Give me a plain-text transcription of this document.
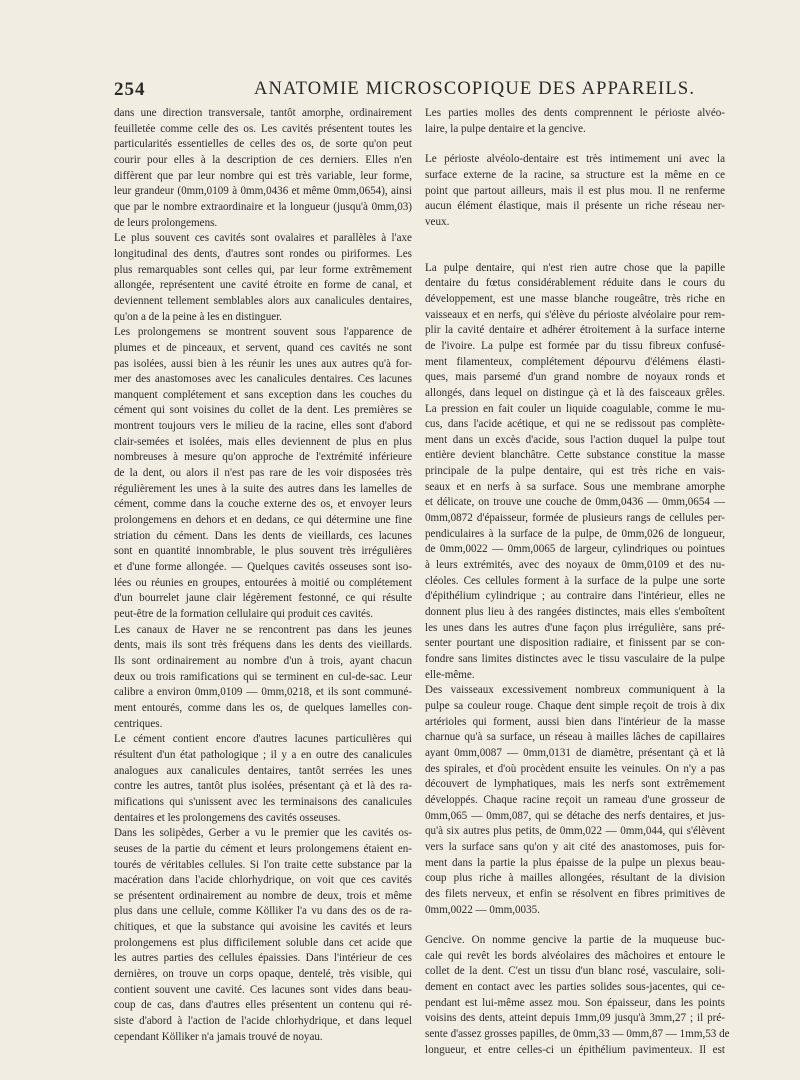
254	ANATOMIE MICROSCOPIQUE DES APPAREILS.
dans une direction transversale, tantôt amorphe, ordinairement
feuilletée comme celle des os. Les cavités présentent toutes les
particularités essentielles de celles des os, de sorte qu'on peut
courir pour elles à la description de ces derniers. Elles n'en
diffèrent que par leur nombre qui est très variable, leur forme,
leur grandeur (0mm,0109 à 0mm,0436 et même 0mm,0654), ainsi
que par le nombre extraordinaire et la longueur (jusqu'à 0mm,03)
de leurs prolongemens.
Le plus souvent ces cavités sont ovalaires et parallèles à l'axe
longitudinal des dents, d'autres sont rondes ou piriformes. Les
plus remarquables sont celles qui, par leur forme extrêmement
allongée, représentent une cavité étroite en forme de canal, et
deviennent tellement semblables alors aux canalicules dentaires,
qu'on a de la peine à les en distinguer.
Les prolongemens se montrent souvent sous l'apparence de
plumes et de pinceaux, et servent, quand ces cavités ne sont
pas isolées, aussi bien à les réunir les unes aux autres qu'à for-
mer des anastomoses avec les canalicules dentaires. Ces lacunes
manquent complétement et sans exception dans les couches du
cément qui sont voisines du collet de la dent. Les premières se
montrent toujours vers le milieu de la racine, elles sont d'abord
clair-semées et isolées, mais elles deviennent de plus en plus
nombreuses à mesure qu'on approche de l'extrémité inférieure
de la dent, ou alors il n'est pas rare de les voir disposées très
régulièrement les unes à la suite des autres dans les lamelles de
cément, comme dans la couche externe des os, et envoyer leurs
prolongemens en dehors et en dedans, ce qui détermine une fine
striation du cément. Dans les dents de vieillards, ces lacunes
sont en quantité innombrable, le plus souvent très irrégulières
et d'une forme allongée. — Quelques cavités osseuses sont iso-
lées ou réunies en groupes, entourées à moitié ou complétement
d'un bourrelet jaune clair légèrement festonné, ce qui résulte
peut-être de la formation cellulaire qui produit ces cavités.
Les canaux de Haver ne se rencontrent pas dans les jeunes
dents, mais ils sont très fréquens dans les dents des vieillards.
Ils sont ordinairement au nombre d'un à trois, ayant chacun
deux ou trois ramifications qui se terminent en cul-de-sac. Leur
calibre a environ 0mm,0109 — 0mm,0218, et ils sont communé-
ment entourés, comme dans les os, de quelques lamelles con-
centriques.
Le cément contient encore d'autres lacunes particulières qui
résultent d'un état pathologique ; il y a en outre des canalicules
analogues aux canalicules dentaires, tantôt serrées les unes
contre les autres, tantôt plus isolées, présentant çà et là des ra-
mifications qui s'unissent avec les terminaisons des canalicules
dentaires et les prolongemens des cavités osseuses.
Dans les solipèdes, Gerber a vu le premier que les cavités os-
seuses de la partie du cément et leurs prolongemens étaient en-
tourés de véritables cellules. Si l'on traite cette substance par la
macération dans l'acide chlorhydrique, on voit que ces cavités
se présentent ordinairement au nombre de deux, trois et même
plus dans une cellule, comme Kölliker l'a vu dans des os de ra-
chitiques, et que la substance qui avoisine les cavités et leurs
prolongemens est plus difficilement soluble dans cet acide que
les autres parties des cellules épaissies. Dans l'intérieur de ces
dernières, on trouve un corps opaque, dentelé, très visible, qui
contient souvent une cavité. Ces lacunes sont vides dans beau-
coup de cas, dans d'autres elles présentent un contenu qui ré-
siste d'abord à l'action de l'acide chlorhydrique, et dans lequel
cependant Kölliker n'a jamais trouvé de noyau.
Les parties molles des dents comprennent le périoste alvéo-
laire, la pulpe dentaire et la gencive.
Le périoste alvéolo-dentaire est très intimement uni avec la
surface externe de la racine, sa structure est la même en ce
point que partout ailleurs, mais il est plus mou. Il ne renferme
aucun élément élastique, mais il présente un riche réseau ner-
veux.
La pulpe dentaire, qui n'est rien autre chose que la papille
dentaire du fœtus considérablement réduite dans le cours du
développement, est une masse blanche rougeâtre, très riche en
vaisseaux et en nerfs, qui s'élève du périoste alvéolaire pour rem-
plir la cavité dentaire et adhérer étroitement à la surface interne
de l'ivoire. La pulpe est formée par du tissu fibreux confusé-
ment filamenteux, complétement dépourvu d'élémens élasti-
ques, mais parsemé d'un grand nombre de noyaux ronds et
allongés, dans lequel on distingue çà et là des faisceaux grêles.
La pression en fait couler un liquide coagulable, comme le mu-
cus, dans l'acide acétique, et qui ne se redissout pas complète-
ment dans un excès d'acide, sous l'action duquel la pulpe tout
entière devient blanchâtre. Cette substance constitue la masse
principale de la pulpe dentaire, qui est très riche en vais-
seaux et en nerfs à sa surface. Sous une membrane amorphe
et délicate, on trouve une couche de 0mm,0436 — 0mm,0654 —
0mm,0872 d'épaisseur, formée de plusieurs rangs de cellules per-
pendiculaires à la surface de la pulpe, de 0mm,026 de longueur,
de 0mm,0022 — 0mm,0065 de largeur, cylindriques ou pointues
à leurs extrémités, avec des noyaux de 0mm,0109 et des nu-
cléoles. Ces cellules forment à la surface de la pulpe une sorte
d'épithélium cylindrique ; au contraire dans l'intérieur, elles ne
donnent plus lieu à des rangées distinctes, mais elles s'emboîtent
les unes dans les autres d'une façon plus irrégulière, sans pré-
senter pourtant une disposition radiaire, et finissent par se con-
fondre sans limites distinctes avec le tissu vasculaire de la pulpe
elle-même.
Des vaisseaux excessivement nombreux communiquent à la
pulpe sa couleur rouge. Chaque dent simple reçoit de trois à dix
artérioles qui forment, aussi bien dans l'intérieur de la masse
charnue qu'à sa surface, un réseau à mailles lâches de capillaires
ayant 0mm,0087 — 0mm,0131 de diamètre, présentant çà et là
des spirales, et d'où procèdent ensuite les veinules. On n'y a pas
découvert de lymphatiques, mais les nerfs sont extrêmement
développés. Chaque racine reçoit un rameau d'une grosseur de
0mm,065 — 0mm,087, qui se détache des nerfs dentaires, et jus-
qu'à six autres plus petits, de 0mm,022 — 0mm,044, qui s'élèvent
vers la surface sans qu'on y ait cité des anastomoses, puis for-
ment dans la partie la plus épaisse de la pulpe un plexus beau-
coup plus riche à mailles allongées, résultant de la division
des filets nerveux, et enfin se résolvent en fibres primitives de
0mm,0022 — 0mm,0035.
Gencive. On nomme gencive la partie de la muqueuse buc-
cale qui revêt les bords alvéolaires des mâchoires et entoure le
collet de la dent. C'est un tissu d'un blanc rosé, vasculaire, soli-
dement en contact avec les parties solides sous-jacentes, qui ce-
pendant est lui-même assez mou. Son épaisseur, dans les points
voisins des dents, atteint depuis 1mm,09 jusqu'à 3mm,27 ; il pré-
sente d'assez grosses papilles, de 0mm,33 — 0mm,87 — 1mm,53 de
longueur, et entre celles-ci un épithélium pavimenteux. Il est
